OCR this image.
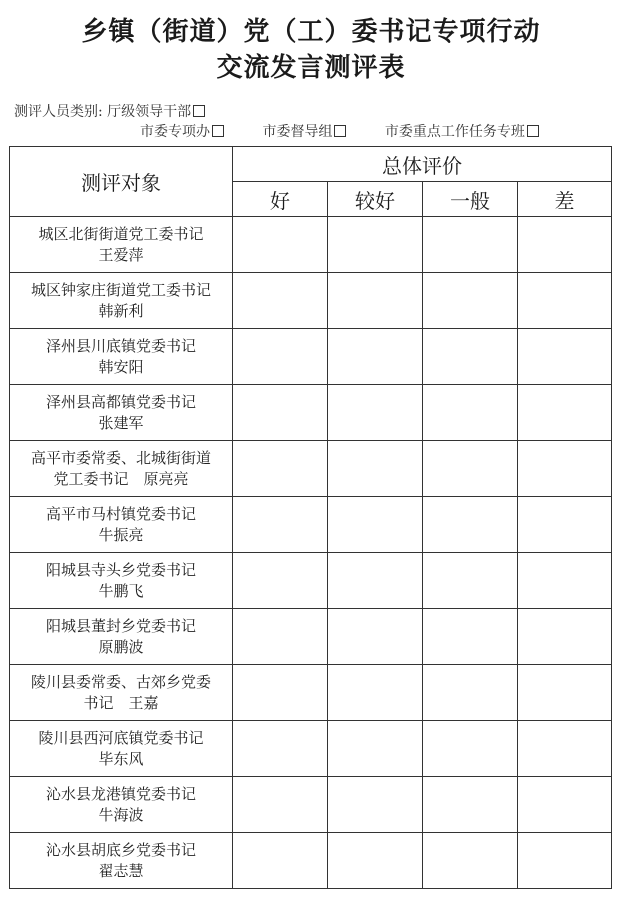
乡镇（街道）党（工）委书记专项行动
交流发言测评表
测评人员类别: 厅级领导干部
市委专项办	市委督导组	市委重点工作任务专班
测评对象	总体评价			
	好	较好	一般	差

城区北街街道党工委书记
王爱萍				

城区钟家庄街道党工委书记
韩新利				

泽州县川底镇党委书记
韩安阳				

泽州县高都镇党委书记
张建军				

高平市委常委、北城街街道
党工委书记　原亮亮				

高平市马村镇党委书记
牛振亮				

阳城县寺头乡党委书记
牛鹏飞				

阳城县董封乡党委书记
原鹏波				

陵川县委常委、古郊乡党委
书记　王嘉				

陵川县西河底镇党委书记
毕东风				

沁水县龙港镇党委书记
牛海波				

沁水县胡底乡党委书记
翟志慧				
